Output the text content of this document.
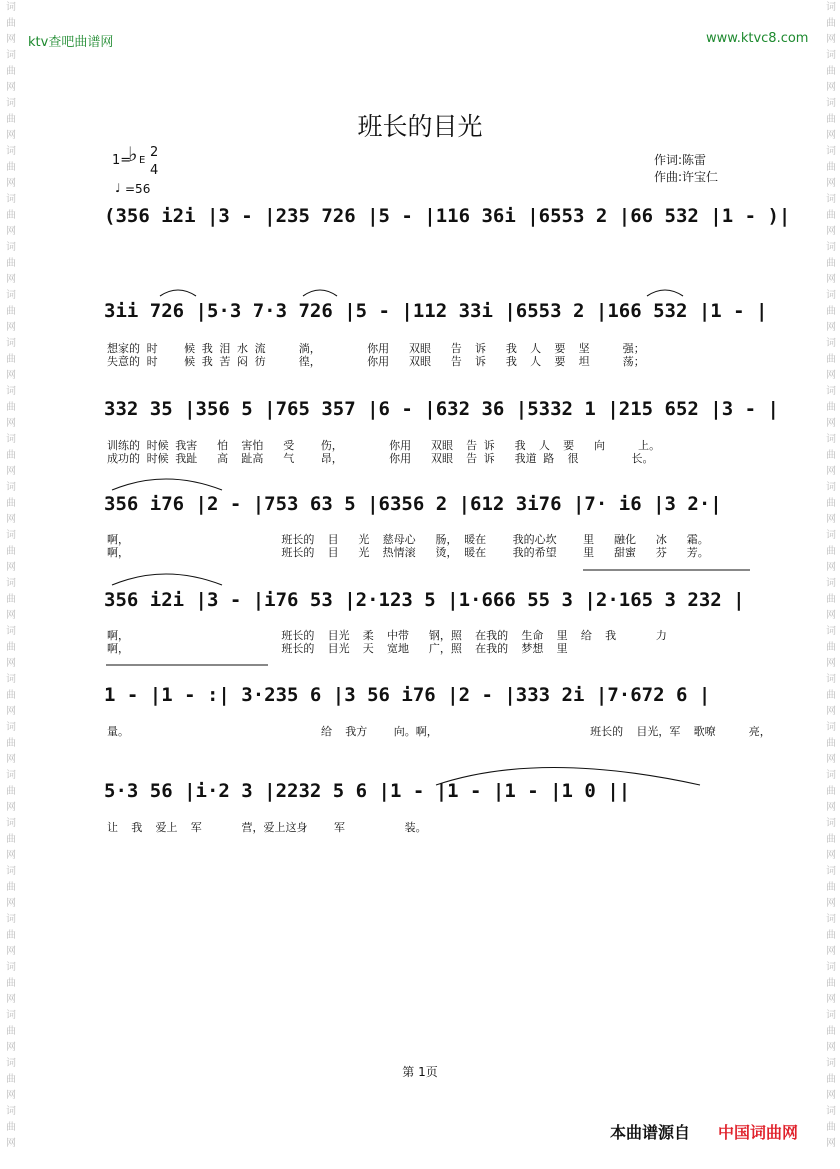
词
曲
网
词
曲
网
词
曲
网
词
曲
网
词
曲
网
词
曲
网
词
曲
网
词
曲
网
词
曲
网
词
曲
网
词
曲
网
词
曲
网
词
曲
网
词
曲
网
词
曲
网
词
曲
网
词
曲
网
词
曲
网
词
曲
网
词
曲
网
词
曲
网
词
曲
网
词
曲
网
词
曲
网
词
曲
网
词
曲
网
词
曲
网
词
曲
网
词
曲
网
词
曲
网
词
曲
网
词
曲
网
词
曲
网
词
曲
网
词
曲
网
词
曲
网
词
曲
网
词
曲
网
词
曲
网
词
曲
网
词
曲
网
词
曲
网
词
曲
网
词
曲
网
词
曲
网
词
曲
网
词
曲
网
词
曲
网
ktv查吧曲谱网	www.ktvc8.com
班长的目光
1=
♭ E
2
4
♩ =56
作词:陈雷
作曲:许宝仁
(356 i2i |3 - |235 726 |5 - |116 36i |6553 2 |66 532 |1 - )|
3ii 726 |5·3 7·3 726 |5 - |112 33i |6553 2 |166 532 |1 - |
想家的 时    候 我 泪 水 流     淌，       你用   双眼   告  诉   我  人  要  坚     强；
失意的 时    候 我 苦 闷 彷     徨，       你用   双眼   告  诉   我  人  要  坦     荡；
332 35 |356 5 |765 357 |6 - |632 36 |5332 1 |215 652 |3 - |
训练的 时候 我害   怕  害怕   受    伤，       你用   双眼  告 诉   我  人  要   向     上。
成功的 时候 我趾   高  趾高   气    昂，       你用   双眼  告 诉   我道 路  很        长。
356 i76 |2 - |753 63 5 |6356 2 |612 3i76 |7· i6 |3 2·|
啊，                       班长的  目   光  慈母心   肠， 暖在    我的心坎    里   融化   冰   霜。
啊，                       班长的  目   光  热情滚   烫， 暖在    我的希望    里   甜蜜   芬   芳。
356 i2i |3 - |i76 53 |2·123 5 |1·666 55 3 |2·165 3 232 |
啊，                       班长的  目光  柔  中带   钢，照  在我的  生命  里  给  我      力
啊，                       班长的  目光  天  宽地   广，照  在我的  梦想  里
1 - |1 - :| 3·235 6 |3 56 i76 |2 - |333 2i |7·672 6 |
量。                             给  我方    向。啊，                       班长的  目光，军  歌嘹     亮，
5·3 56 |i·2 3 |2232 5 6 |1 - |1 - |1 - |1 0 ||
让  我  爱上  军      营，爱上这身    军         装。
第 1页
本曲谱源自 中国词曲网
